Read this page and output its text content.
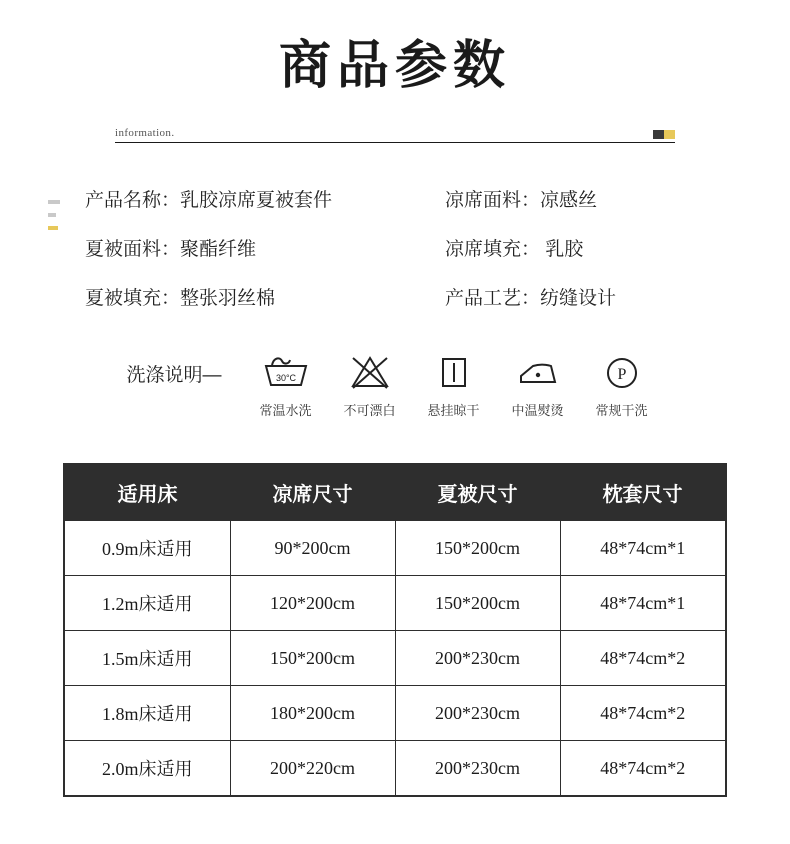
商品参数
information.
产品名称：乳胶凉席夏被套件	凉席面料：凉感丝
夏被面料：聚酯纤维	凉席填充： 乳胶
夏被填充：整张羽丝棉	产品工艺：纺缝设计
洗涤说明—	30°C
常温水洗	不可漂白	悬挂晾干	中温熨烫
P
常规干洗
适用床	凉席尺寸	夏被尺寸	枕套尺寸
0.9m床适用	90*200cm	150*200cm	48*74cm*1
1.2m床适用	120*200cm	150*200cm	48*74cm*1
1.5m床适用	150*200cm	200*230cm	48*74cm*2
1.8m床适用	180*200cm	200*230cm	48*74cm*2
2.0m床适用	200*220cm	200*230cm	48*74cm*2
